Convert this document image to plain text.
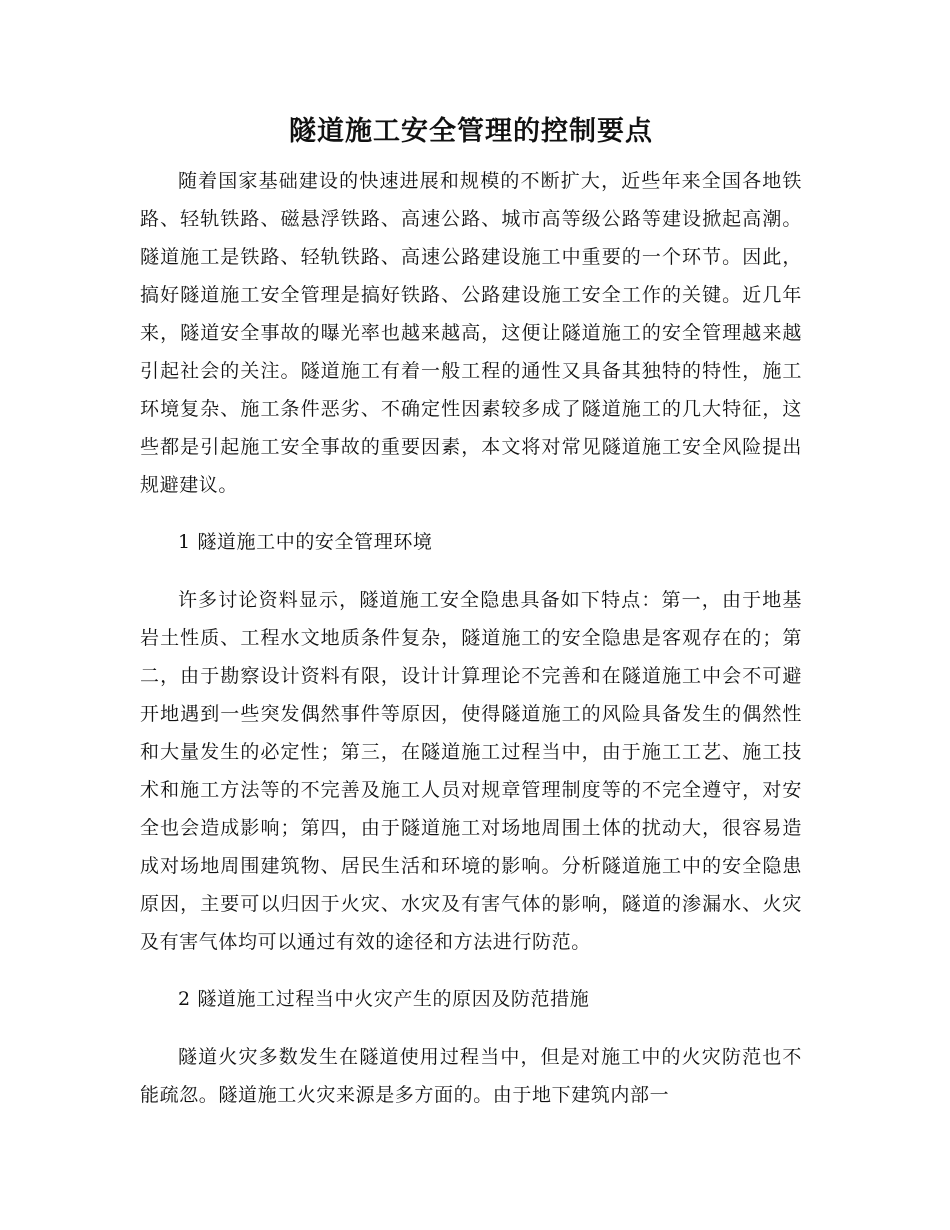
隧道施工安全管理的控制要点

随着国家基础建设的快速进展和规模的不断扩大，近些年来全国各地铁路、轻轨铁路、磁悬浮铁路、高速公路、城市高等级公路等建设掀起高潮。隧道施工是铁路、轻轨铁路、高速公路建设施工中重要的一个环节。因此，搞好隧道施工安全管理是搞好铁路、公路建设施工安全工作的关键。近几年来，隧道安全事故的曝光率也越来越高，这便让隧道施工的安全管理越来越引起社会的关注。隧道施工有着一般工程的通性又具备其独特的特性，施工环境复杂、施工条件恶劣、不确定性因素较多成了隧道施工的几大特征，这些都是引起施工安全事故的重要因素，本文将对常见隧道施工安全风险提出规避建议。

1 隧道施工中的安全管理环境

许多讨论资料显示，隧道施工安全隐患具备如下特点：第一，由于地基岩土性质、工程水文地质条件复杂，隧道施工的安全隐患是客观存在的；第二，由于勘察设计资料有限，设计计算理论不完善和在隧道施工中会不可避开地遇到一些突发偶然事件等原因，使得隧道施工的风险具备发生的偶然性和大量发生的必定性；第三，在隧道施工过程当中，由于施工工艺、施工技术和施工方法等的不完善及施工人员对规章管理制度等的不完全遵守，对安全也会造成影响；第四，由于隧道施工对场地周围土体的扰动大，很容易造成对场地周围建筑物、居民生活和环境的影响。分析隧道施工中的安全隐患原因，主要可以归因于火灾、水灾及有害气体的影响，隧道的渗漏水、火灾及有害气体均可以通过有效的途径和方法进行防范。

2 隧道施工过程当中火灾产生的原因及防范措施

隧道火灾多数发生在隧道使用过程当中，但是对施工中的火灾防范也不能疏忽。隧道施工火灾来源是多方面的。由于地下建筑内部一
